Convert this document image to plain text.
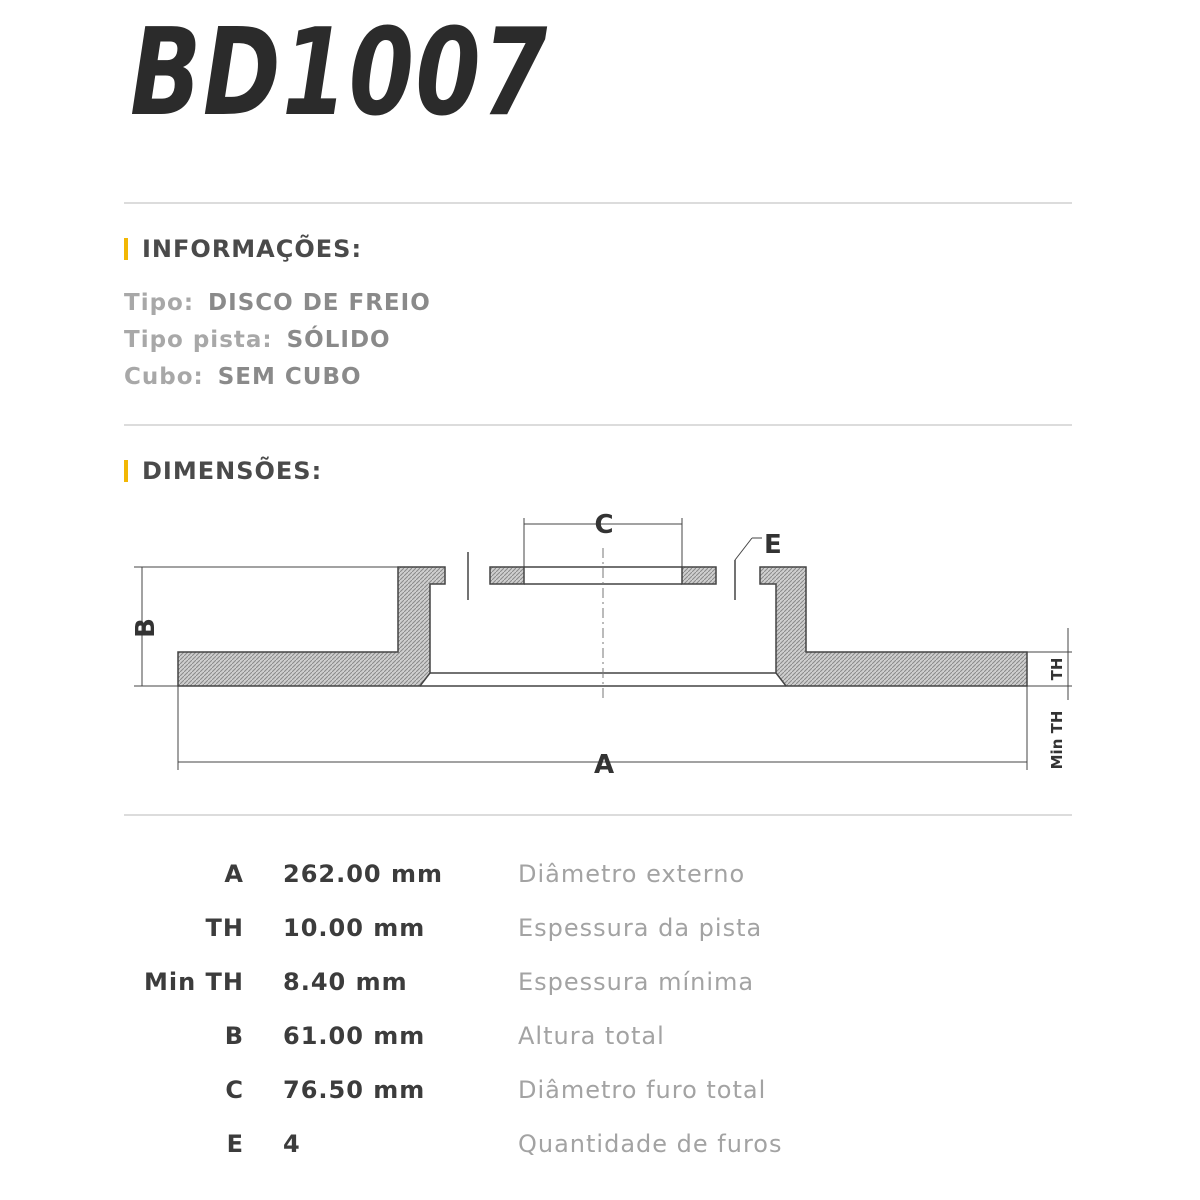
BD1007
INFORMAÇÕES:
Tipo: DISCO DE FREIO
Tipo pista: SÓLIDO
Cubo: SEM CUBO
DIMENSÕES:
C
E
B
A
TH
Min TH
A 262.00 mm	Diâmetro externo
TH 10.00 mm	Espessura da pista
Min TH 8.40 mm	Espessura mínima
B 61.00 mm	Altura total
C 76.50 mm	Diâmetro furo total
E 4	Quantidade de furos
